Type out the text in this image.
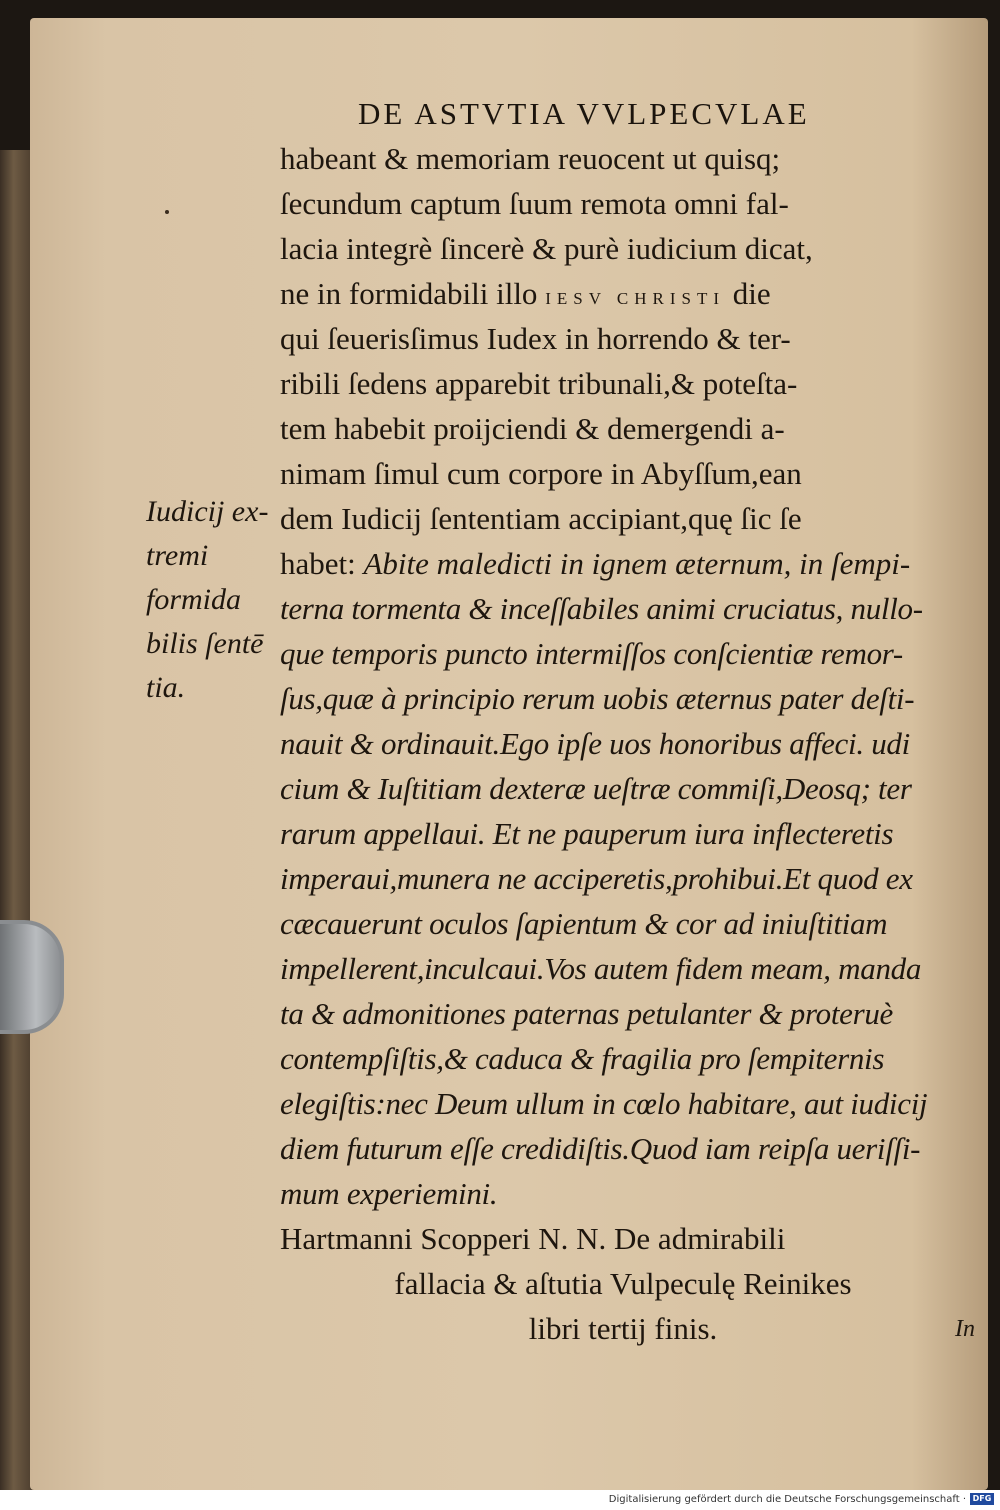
DE ASTVTIA VVLPECVLAE
Iudicij ex-
tremi
formida
bilis ſentē
tia.
habeant & memoriam reuocent ut quisq;
ſecundum captum ſuum remota omni fal-
lacia integrè ſincerè & purè iudicium dicat,
ne in formidabili illo IESV CHRISTI die
qui ſeuerisſimus Iudex in horrendo & ter-
ribili ſedens apparebit tribunali,& poteſta-
tem habebit proijciendi & demergendi a-
nimam ſimul cum corpore in Abyſſum,ean
dem Iudicij ſententiam accipiant,quę ſic ſe
habet: Abite maledicti in ignem æternum, in ſempi-
terna tormenta & inceſſabiles animi cruciatus, nullo-
que temporis puncto intermiſſos conſcientiæ remor-
ſus,quæ à principio rerum uobis æternus pater deſti-
nauit & ordinauit.Ego ipſe uos honoribus affeci. udi
cium & Iuſtitiam dexteræ ueſtræ commiſi,Deosq; ter
rarum appellaui. Et ne pauperum iura inflecteretis
imperaui,munera ne acciperetis,prohibui.Et quod ex
cæcauerunt oculos ſapientum & cor ad iniuſtitiam
impellerent,inculcaui.Vos autem fidem meam, manda
ta & admonitiones paternas petulanter & proteruè
contempſiſtis,& caduca & fragilia pro ſempiternis
elegiſtis:nec Deum ullum in cœlo habitare, aut iudicij
diem futurum eſſe credidiſtis.Quod iam reipſa ueriſſi-
mum experiemini.
Hartmanni Scopperi N. N. De admirabili
fallacia & aſtutia Vulpeculę Reinikes
libri tertij finis.	In
Digitalisierung gefördert durch die Deutsche Forschungsgemeinschaft · DFG
